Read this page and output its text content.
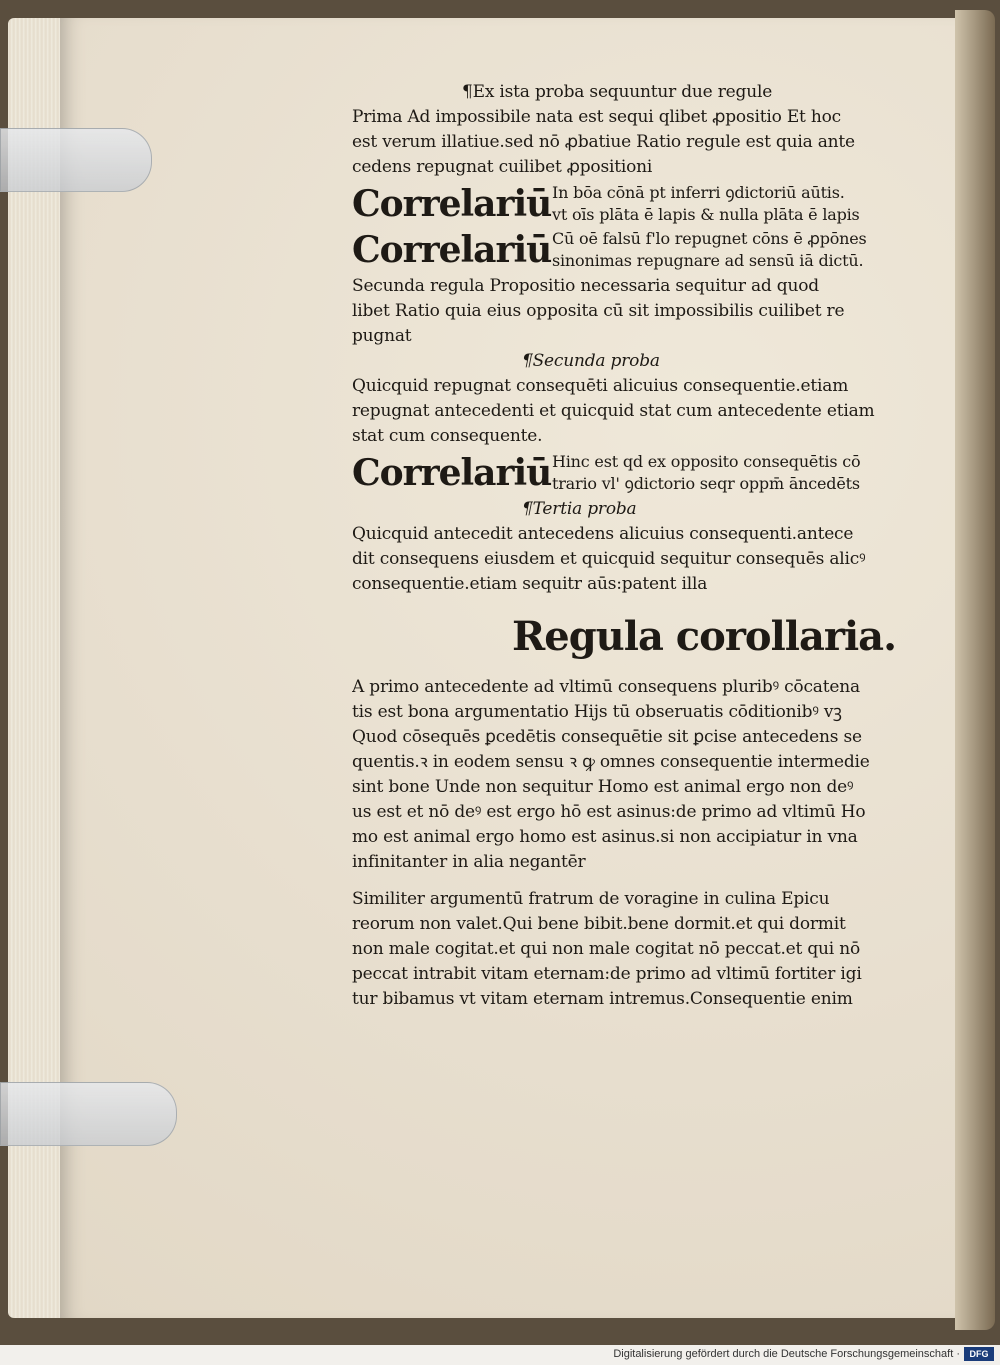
¶Ex ista proba sequuntur due regule
Prima Ad impossibile nata est sequi qlibet ꝓpositio Et hoc
est verum illatiue.sed nō ꝓbatiue Ratio regule est quia ante
cedens repugnat cuilibet ꝓpositioni
Correlariū In bōa cōnā pt inferri ꝯdictoriū aūtis.
vt oīs plāta ē lapis & nulla plāta ē lapis
Correlariū Cū oē falsū f'lo repugnet cōns ē ꝓpōnes
sinonimas repugnare ad sensū iā dictū.
Secunda regula Propositio necessaria sequitur ad quod
libet Ratio quia eius opposita cū sit impossibilis cuilibet re
pugnat
¶Secunda proba
Quicquid repugnat consequēti alicuius consequentie.etiam
repugnat antecedenti et quicquid stat cum antecedente etiam
stat cum consequente.
Correlariū Hinc est qd ex opposito consequētis cō
trario vl' ꝯdictorio seqr oppm̄ āncedēts
¶Tertia proba
Quicquid antecedit antecedens alicuius consequenti.antece
dit consequens eiusdem et quicquid sequitur consequēs alicꝰ
consequentie.etiam sequitr aūs:patent illa
Regula corollaria.
A primo antecedente ad vltimū consequens pluribꝰ cōcatena
tis est bona argumentatio Hijs tū obseruatis cōditionibꝰ vꝫ
Quod cōsequēs ꝑcedētis consequētie sit ꝑcise antecedens se
quentis.ꝛ in eodem sensu ꝛ ꝙ omnes consequentie intermedie
sint bone Unde non sequitur Homo est animal ergo non deꝰ
us est et nō deꝰ est ergo hō est asinus:de primo ad vltimū Ho
mo est animal ergo homo est asinus.si non accipiatur in vna
infinitanter in alia negantēr
Similiter argumentū fratrum de voragine in culina Epicu
reorum non valet.Qui bene bibit.bene dormit.et qui dormit
non male cogitat.et qui non male cogitat nō peccat.et qui nō
peccat intrabit vitam eternam:de primo ad vltimū fortiter igi
tur bibamus vt vitam eternam intremus.Consequentie enim
Digitalisierung gefördert durch die Deutsche Forschungsgemeinschaft ·	DFG
